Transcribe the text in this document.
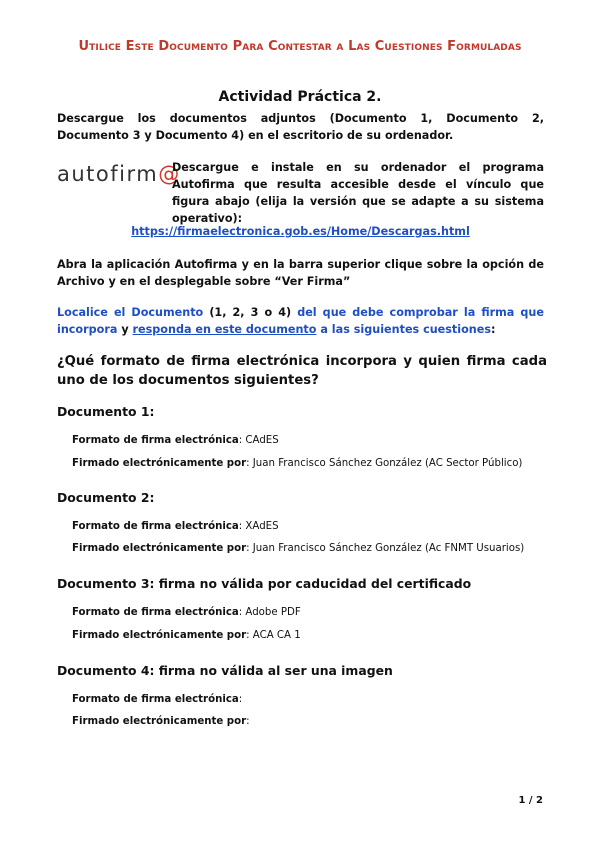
Utilice Este Documento Para Contestar a Las Cuestiones Formuladas
Actividad Práctica 2.
Descargue los documentos adjuntos (Documento 1, Documento 2, Documento 3 y Documento 4) en el escritorio de su ordenador.
autofirm@
Descargue e instale en su ordenador el programa Autofirma que resulta accesible desde el vínculo que figura abajo (elija la versión que se adapte a su sistema operativo):
https://firmaelectronica.gob.es/Home/Descargas.html
Abra la aplicación Autofirma y en la barra superior clique sobre la opción de Archivo y en el desplegable sobre “Ver Firma”
Localice el Documento (1, 2, 3 o 4) del que debe comprobar la firma que incorpora y responda en este documento a las siguientes cuestiones:
¿Qué formato de firma electrónica incorpora y quien firma cada uno de los documentos siguientes?
Documento 1:
Formato de firma electrónica: CAdES
Firmado electrónicamente por: Juan Francisco Sánchez González (AC Sector Público)
Documento 2:
Formato de firma electrónica: XAdES
Firmado electrónicamente por: Juan Francisco Sánchez González (Ac FNMT Usuarios)
Documento 3: firma no válida por caducidad del certificado
Formato de firma electrónica: Adobe PDF
Firmado electrónicamente por: ACA CA 1
Documento 4: firma no válida al ser una imagen
Formato de firma electrónica:
Firmado electrónicamente por:
1 / 2
